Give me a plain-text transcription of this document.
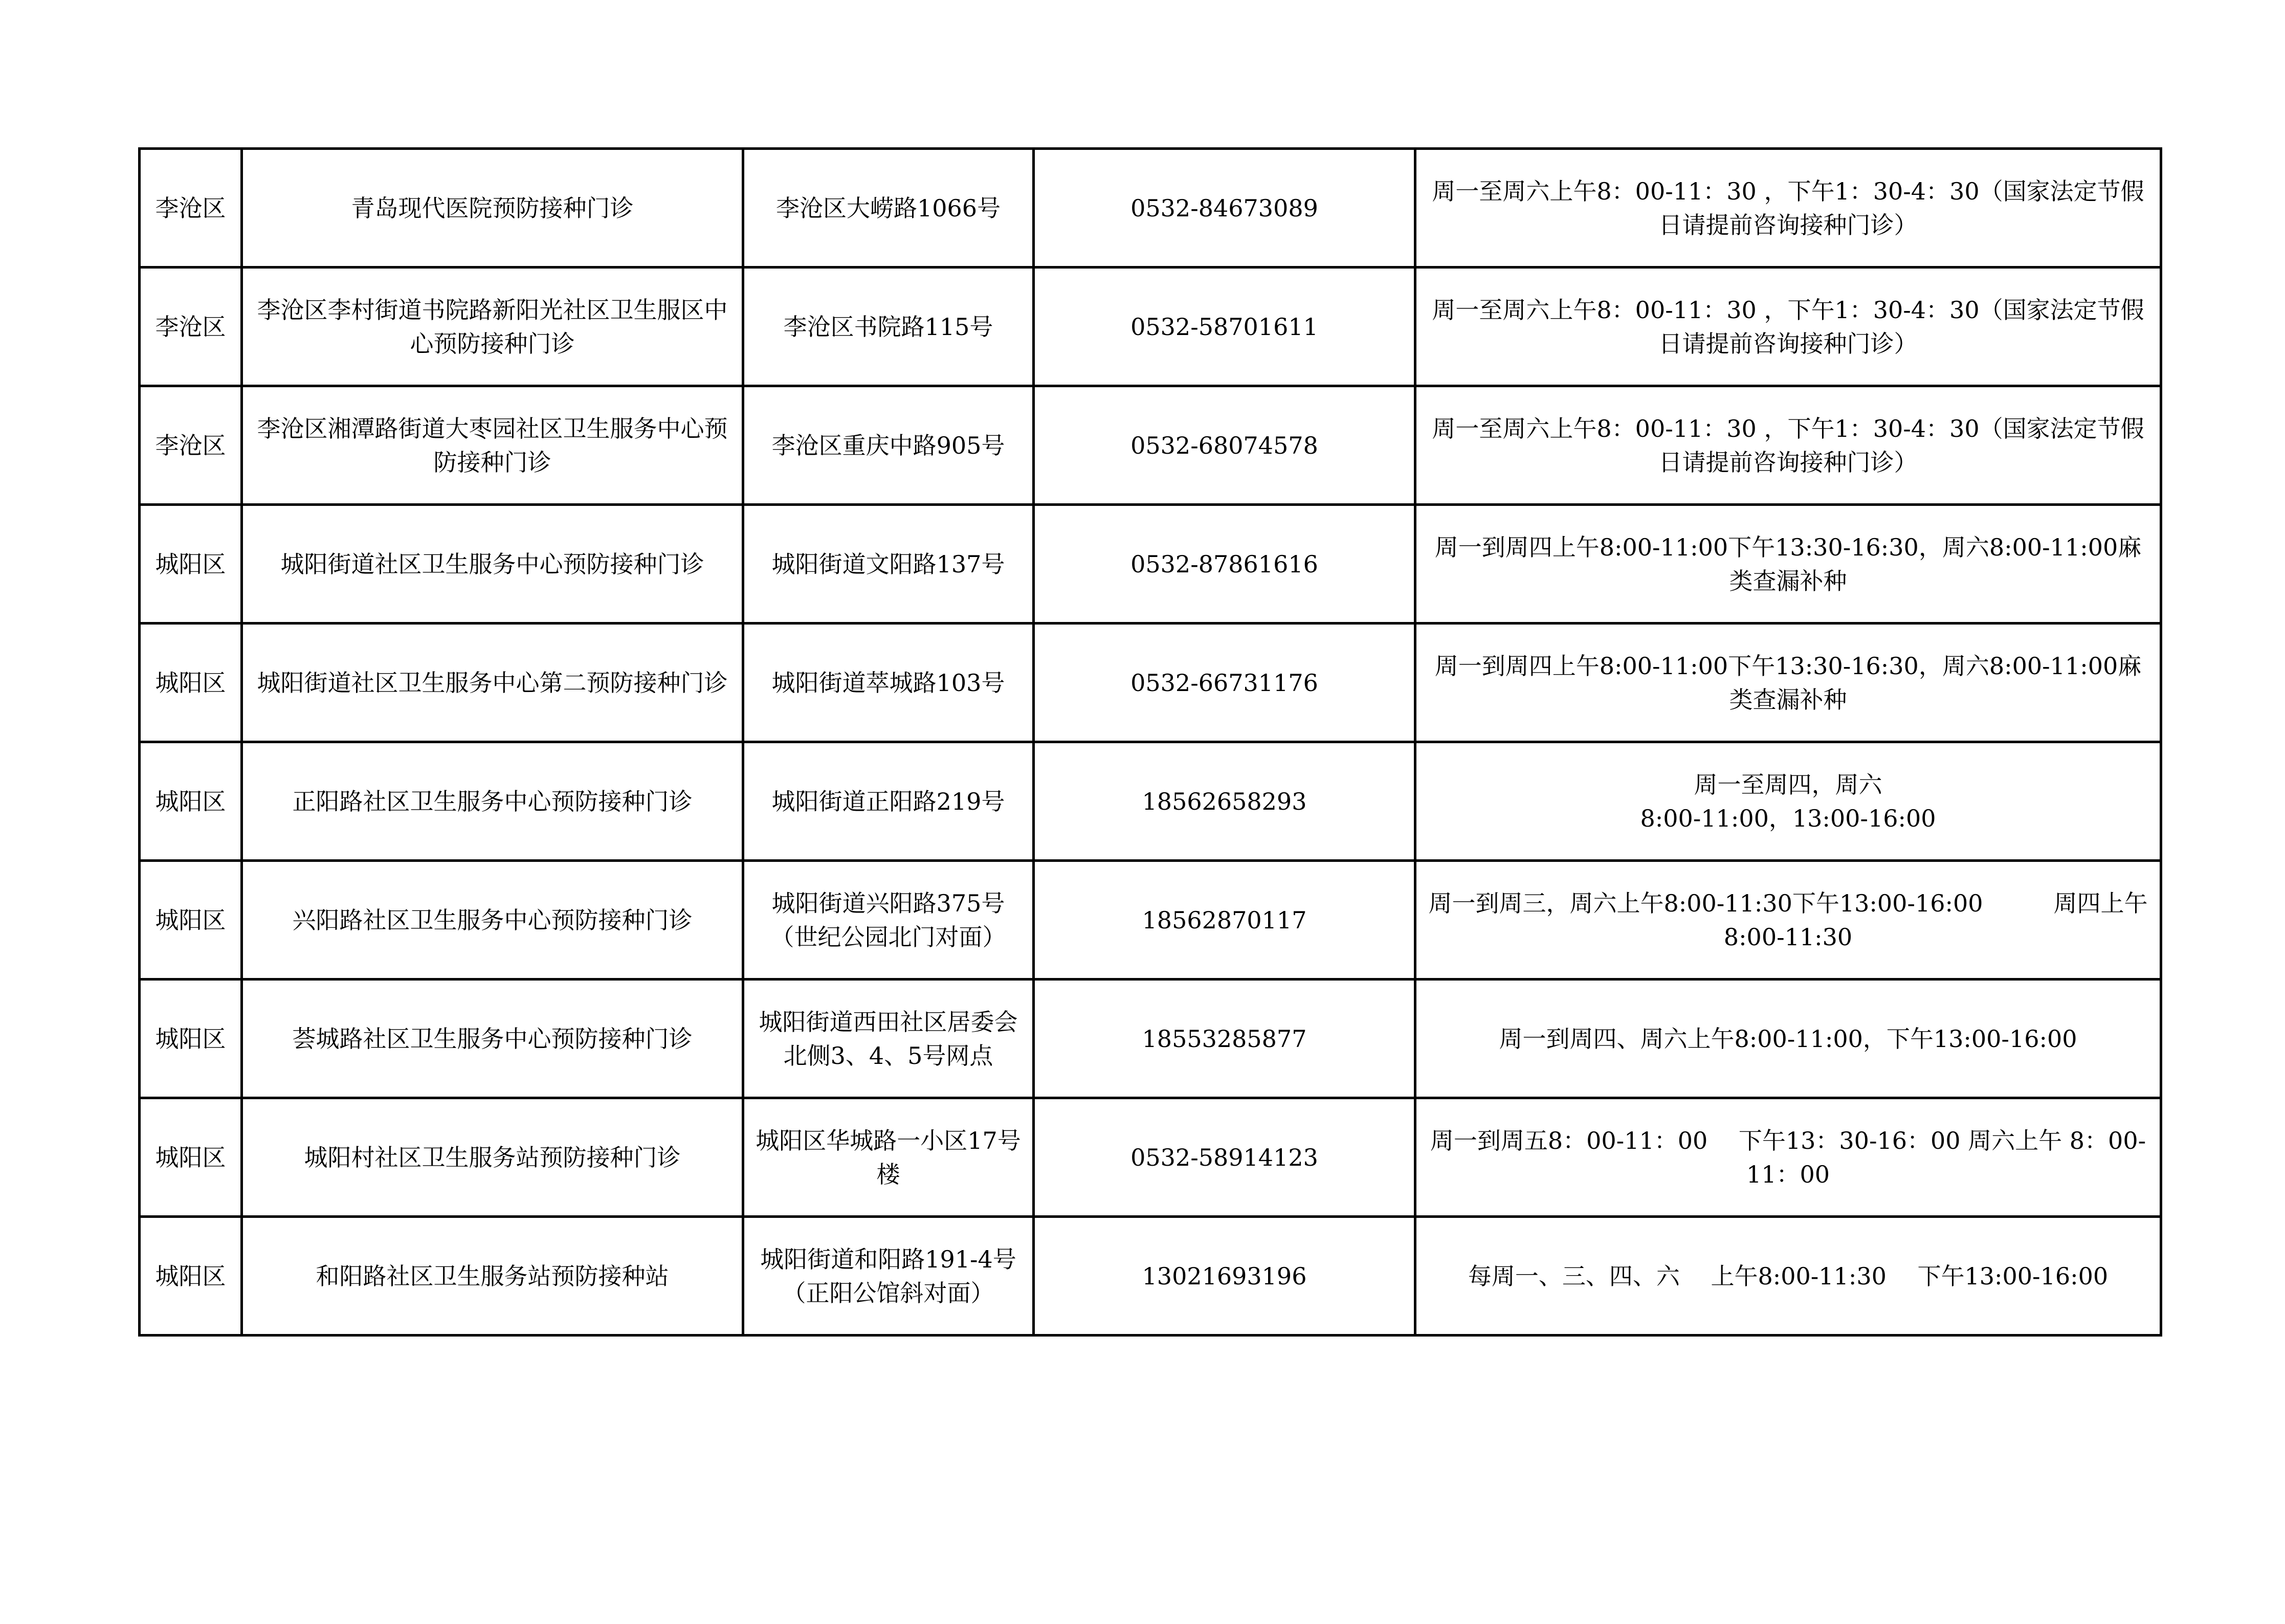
李沧区	青岛现代医院预防接种门诊	李沧区大崂路1066号	0532-84673089	周一至周六上午8：00-11：30 ，下午1：30-4：30（国家法定节假日请提前咨询接种门诊）

李沧区	李沧区李村街道书院路新阳光社区卫生服区中心预防接种门诊	李沧区书院路115号	0532-58701611	周一至周六上午8：00-11：30 ，下午1：30-4：30（国家法定节假日请提前咨询接种门诊）

李沧区	李沧区湘潭路街道大枣园社区卫生服务中心预防接种门诊	李沧区重庆中路905号	0532-68074578	周一至周六上午8：00-11：30 ，下午1：30-4：30（国家法定节假日请提前咨询接种门诊）

城阳区	城阳街道社区卫生服务中心预防接种门诊	城阳街道文阳路137号	0532-87861616	周一到周四上午8:00-11:00下午13:30-16:30，周六8:00-11:00麻类查漏补种

城阳区	城阳街道社区卫生服务中心第二预防接种门诊	城阳街道萃城路103号	0532-66731176	周一到周四上午8:00-11:00下午13:30-16:30，周六8:00-11:00麻类查漏补种

城阳区	正阳路社区卫生服务中心预防接种门诊	城阳街道正阳路219号	18562658293	周一至周四，周六
8:00-11:00，13:00-16:00

城阳区	兴阳路社区卫生服务中心预防接种门诊	城阳街道兴阳路375号（世纪公园北门对面）	18562870117	周一到周三，周六上午8:00-11:30下午13:00-16:00　　　周四上午 8:00-11:30

城阳区	荟城路社区卫生服务中心预防接种门诊	城阳街道西田社区居委会北侧3、4、5号网点	18553285877	周一到周四、周六上午8:00-11:00，下午13:00-16:00

城阳区	城阳村社区卫生服务站预防接种门诊	城阳区华城路一小区17号楼	0532-58914123	周一到周五8：00-11：00　 下午13：30-16：00 周六上午 8：00-11：00

城阳区	和阳路社区卫生服务站预防接种站	城阳街道和阳路191-4号（正阳公馆斜对面）	13021693196	每周一、三、四、六　 上午8:00-11:30　 下午13:00-16:00
